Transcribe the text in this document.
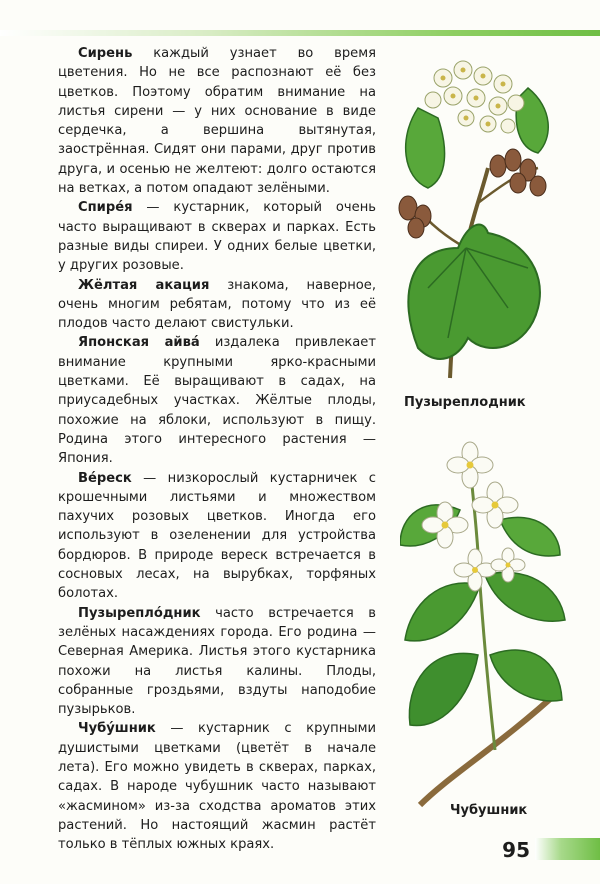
Сирень каждый узнает во время цветения. Но не все распознают её без цветков. Поэтому обратим внимание на листья сирени — у них основание в виде сердечка, а вершина вытянутая, заострённая. Сидят они парами, друг против друга, и осенью не желтеют: долго остаются на ветках, а потом опадают зелёными.

Спире́я — кустарник, который очень часто выращивают в скверах и парках. Есть разные виды спиреи. У одних белые цветки, у других розовые.

Жёлтая акация знакома, наверное, очень многим ребятам, потому что из её плодов часто делают свистульки.

Японская айва́ издалека привлекает внимание крупными ярко-красными цветками. Её выращивают в садах, на приусадебных участках. Жёлтые плоды, похожие на яблоки, используют в пищу. Родина этого интересного растения — Япония.

Ве́реск — низкорослый кустарничек с крошечными листьями и множеством пахучих розовых цветков. Иногда его используют в озеленении для устройства бордюров. В природе вереск встречается в сосновых лесах, на вырубках, торфяных болотах.

Пузырепло́дник часто встречается в зелёных насаждениях города. Его родина — Северная Америка. Листья этого кустарника похожи на листья калины. Плоды, собранные гроздьями, вздуты наподобие пузырьков.

Чубу́шник — кустарник с крупными душистыми цветками (цветёт в начале лета). Его можно увидеть в скверах, парках, садах. В народе чубушник часто называют «жасмином» из-за сходства ароматов этих растений. Но настоящий жасмин растёт только в тёплых южных краях.

Пузыреплодник
Чубушник
95
